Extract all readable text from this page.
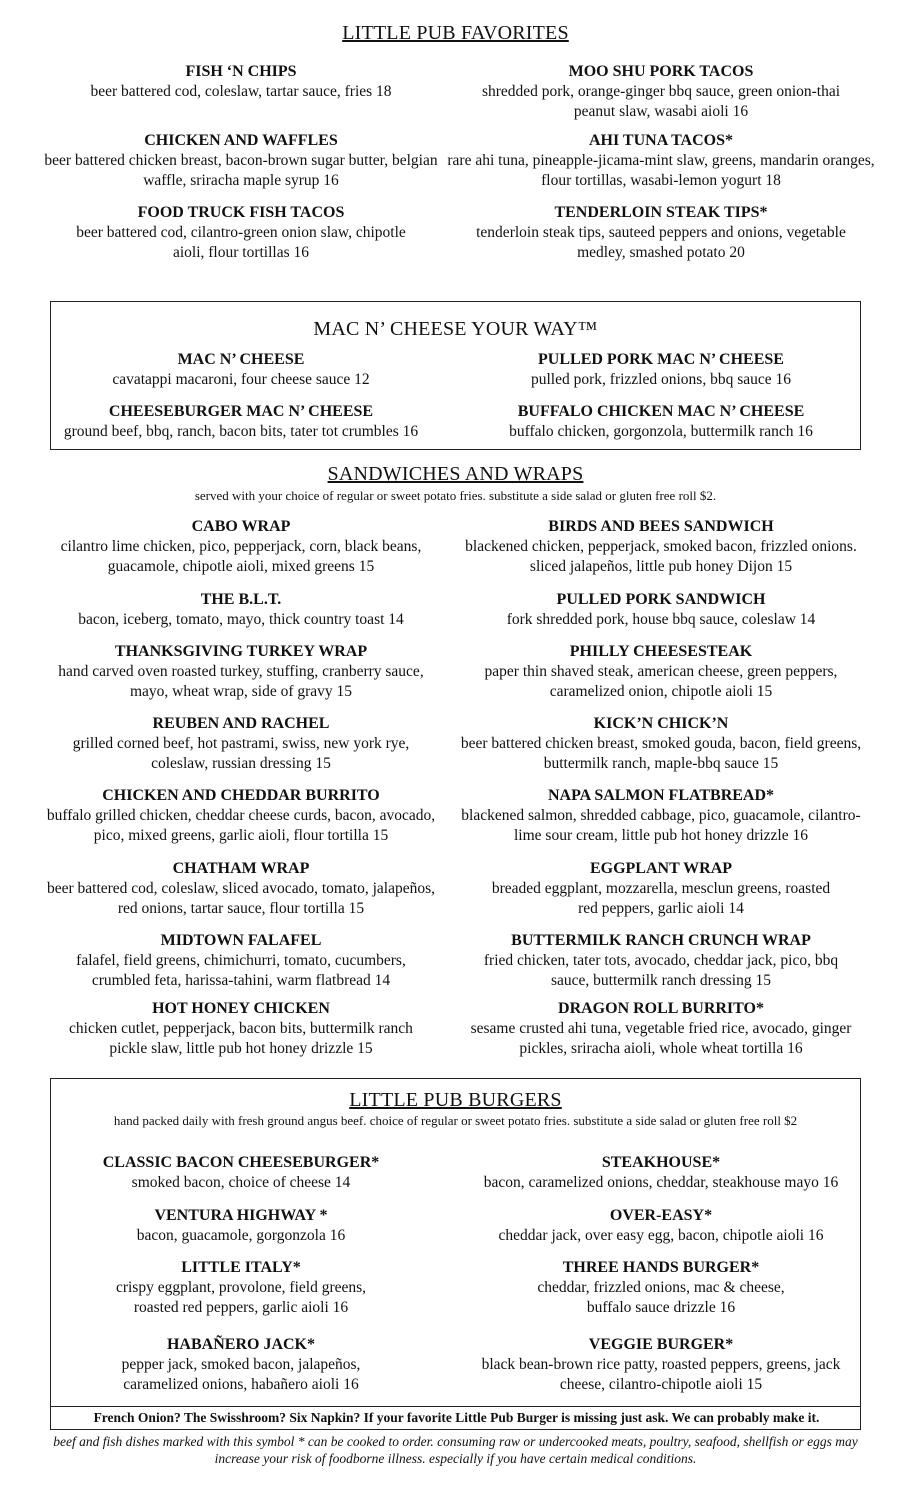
LITTLE PUB FAVORITES
FISH ‘N CHIPS
beer battered cod, coleslaw, tartar sauce, fries 18
MOO SHU PORK TACOS
shredded pork, orange-ginger bbq sauce, green onion-thai peanut slaw, wasabi aioli 16
CHICKEN AND WAFFLES
beer battered chicken breast, bacon-brown sugar butter, belgian waffle, sriracha maple syrup 16
AHI TUNA TACOS*
rare ahi tuna, pineapple-jicama-mint slaw, greens, mandarin oranges, flour tortillas, wasabi-lemon yogurt 18
FOOD TRUCK FISH TACOS
beer battered cod, cilantro-green onion slaw, chipotle aioli, flour tortillas 16
TENDERLOIN STEAK TIPS*
tenderloin steak tips, sauteed peppers and onions, vegetable medley, smashed potato 20
MAC N’ CHEESE YOUR WAY™
MAC N’ CHEESE
cavatappi macaroni, four cheese sauce 12
PULLED PORK MAC N’ CHEESE
pulled pork, frizzled onions, bbq sauce 16
CHEESEBURGER MAC N’ CHEESE
ground beef, bbq, ranch, bacon bits, tater tot crumbles 16
BUFFALO CHICKEN MAC N’ CHEESE
buffalo chicken, gorgonzola, buttermilk ranch 16
SANDWICHES AND WRAPS
served with your choice of regular or sweet potato fries. substitute a side salad or gluten free roll $2.
CABO WRAP
cilantro lime chicken, pico, pepperjack, corn, black beans, guacamole, chipotle aioli, mixed greens 15
BIRDS AND BEES SANDWICH
blackened chicken, pepperjack, smoked bacon, frizzled onions. sliced jalapeños, little pub honey Dijon 15
THE B.L.T.
bacon, iceberg, tomato, mayo, thick country toast 14
PULLED PORK SANDWICH
fork shredded pork, house bbq sauce, coleslaw 14
THANKSGIVING TURKEY WRAP
hand carved oven roasted turkey, stuffing, cranberry sauce, mayo, wheat wrap, side of gravy 15
PHILLY CHEESESTEAK
paper thin shaved steak, american cheese, green peppers, caramelized onion, chipotle aioli 15
REUBEN AND RACHEL
grilled corned beef, hot pastrami, swiss, new york rye, coleslaw, russian dressing 15
KICK’N CHICK’N
beer battered chicken breast, smoked gouda, bacon, field greens, buttermilk ranch, maple-bbq sauce 15
CHICKEN AND CHEDDAR BURRITO
buffalo grilled chicken, cheddar cheese curds, bacon, avocado, pico, mixed greens, garlic aioli, flour tortilla 15
NAPA SALMON FLATBREAD*
blackened salmon, shredded cabbage, pico, guacamole, cilantro-lime sour cream, little pub hot honey drizzle 16
CHATHAM WRAP
beer battered cod, coleslaw, sliced avocado, tomato, jalapeños, red onions, tartar sauce, flour tortilla 15
EGGPLANT WRAP
breaded eggplant, mozzarella, mesclun greens, roasted red peppers, garlic aioli 14
MIDTOWN FALAFEL
falafel, field greens, chimichurri, tomato, cucumbers, crumbled feta, harissa-tahini, warm flatbread 14
BUTTERMILK RANCH CRUNCH WRAP
fried chicken, tater tots, avocado, cheddar jack, pico, bbq sauce, buttermilk ranch dressing 15
HOT HONEY CHICKEN
chicken cutlet, pepperjack, bacon bits, buttermilk ranch pickle slaw, little pub hot honey drizzle 15
DRAGON ROLL BURRITO*
sesame crusted ahi tuna, vegetable fried rice, avocado, ginger pickles, sriracha aioli, whole wheat tortilla 16
LITTLE PUB BURGERS
hand packed daily with fresh ground angus beef. choice of regular or sweet potato fries. substitute a side salad or gluten free roll $2
CLASSIC BACON CHEESEBURGER*
smoked bacon, choice of cheese 14
STEAKHOUSE*
bacon, caramelized onions, cheddar, steakhouse mayo 16
VENTURA HIGHWAY *
bacon, guacamole, gorgonzola 16
OVER-EASY*
cheddar jack, over easy egg, bacon, chipotle aioli 16
LITTLE ITALY*
crispy eggplant, provolone, field greens, roasted red peppers, garlic aioli 16
THREE HANDS BURGER*
cheddar, frizzled onions, mac & cheese, buffalo sauce drizzle 16
HABAÑERO JACK*
pepper jack, smoked bacon, jalapeños, caramelized onions, habañero aioli 16
VEGGIE BURGER*
black bean-brown rice patty, roasted peppers, greens, jack cheese, cilantro-chipotle aioli 15
French Onion? The Swisshroom? Six Napkin? If your favorite Little Pub Burger is missing just ask. We can probably make it.
beef and fish dishes marked with this symbol * can be cooked to order. consuming raw or undercooked meats, poultry, seafood, shellfish or eggs may increase your risk of foodborne illness. especially if you have certain medical conditions.
